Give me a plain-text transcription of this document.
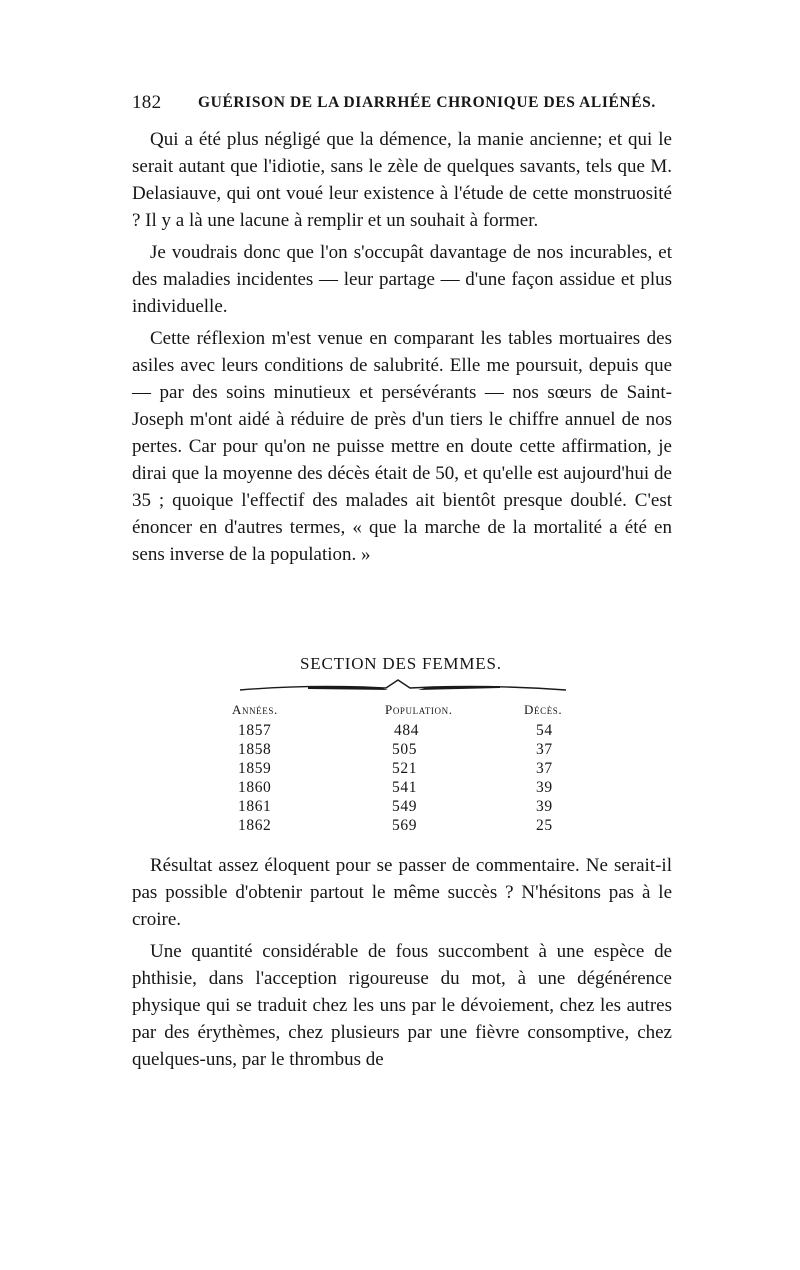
182 GUÉRISON DE LA DIARRHÉE CHRONIQUE DES ALIÉNÉS.

Qui a été plus négligé que la démence, la manie ancienne; et qui le serait autant que l'idiotie, sans le zèle de quelques savants, tels que M. Delasiauve, qui ont voué leur existence à l'étude de cette monstruosité ? Il y a là une lacune à remplir et un souhait à former.

Je voudrais donc que l'on s'occupât davantage de nos incurables, et des maladies incidentes — leur partage — d'une façon assidue et plus individuelle.

Cette réflexion m'est venue en comparant les tables mortuaires des asiles avec leurs conditions de salubrité. Elle me poursuit, depuis que — par des soins minutieux et persévérants — nos sœurs de Saint-Joseph m'ont aidé à réduire de près d'un tiers le chiffre annuel de nos pertes. Car pour qu'on ne puisse mettre en doute cette affirmation, je dirai que la moyenne des décès était de 50, et qu'elle est aujourd'hui de 35 ; quoique l'effectif des malades ait bientôt presque doublé. C'est énoncer en d'autres termes, « que la marche de la mortalité a été en sens inverse de la population. »

SECTION DES FEMMES.
Années.	Population.	Décès.
1857	484	54
1858	505	37
1859	521	37
1860	541	39
1861	549	39
1862	569	25

Résultat assez éloquent pour se passer de commentaire. Ne serait-il pas possible d'obtenir partout le même succès ? N'hésitons pas à le croire.

Une quantité considérable de fous succombent à une espèce de phthisie, dans l'acception rigoureuse du mot, à une dégénérence physique qui se traduit chez les uns par le dévoiement, chez les autres par des érythèmes, chez plusieurs par une fièvre consomptive, chez quelques-uns, par le thrombus de
